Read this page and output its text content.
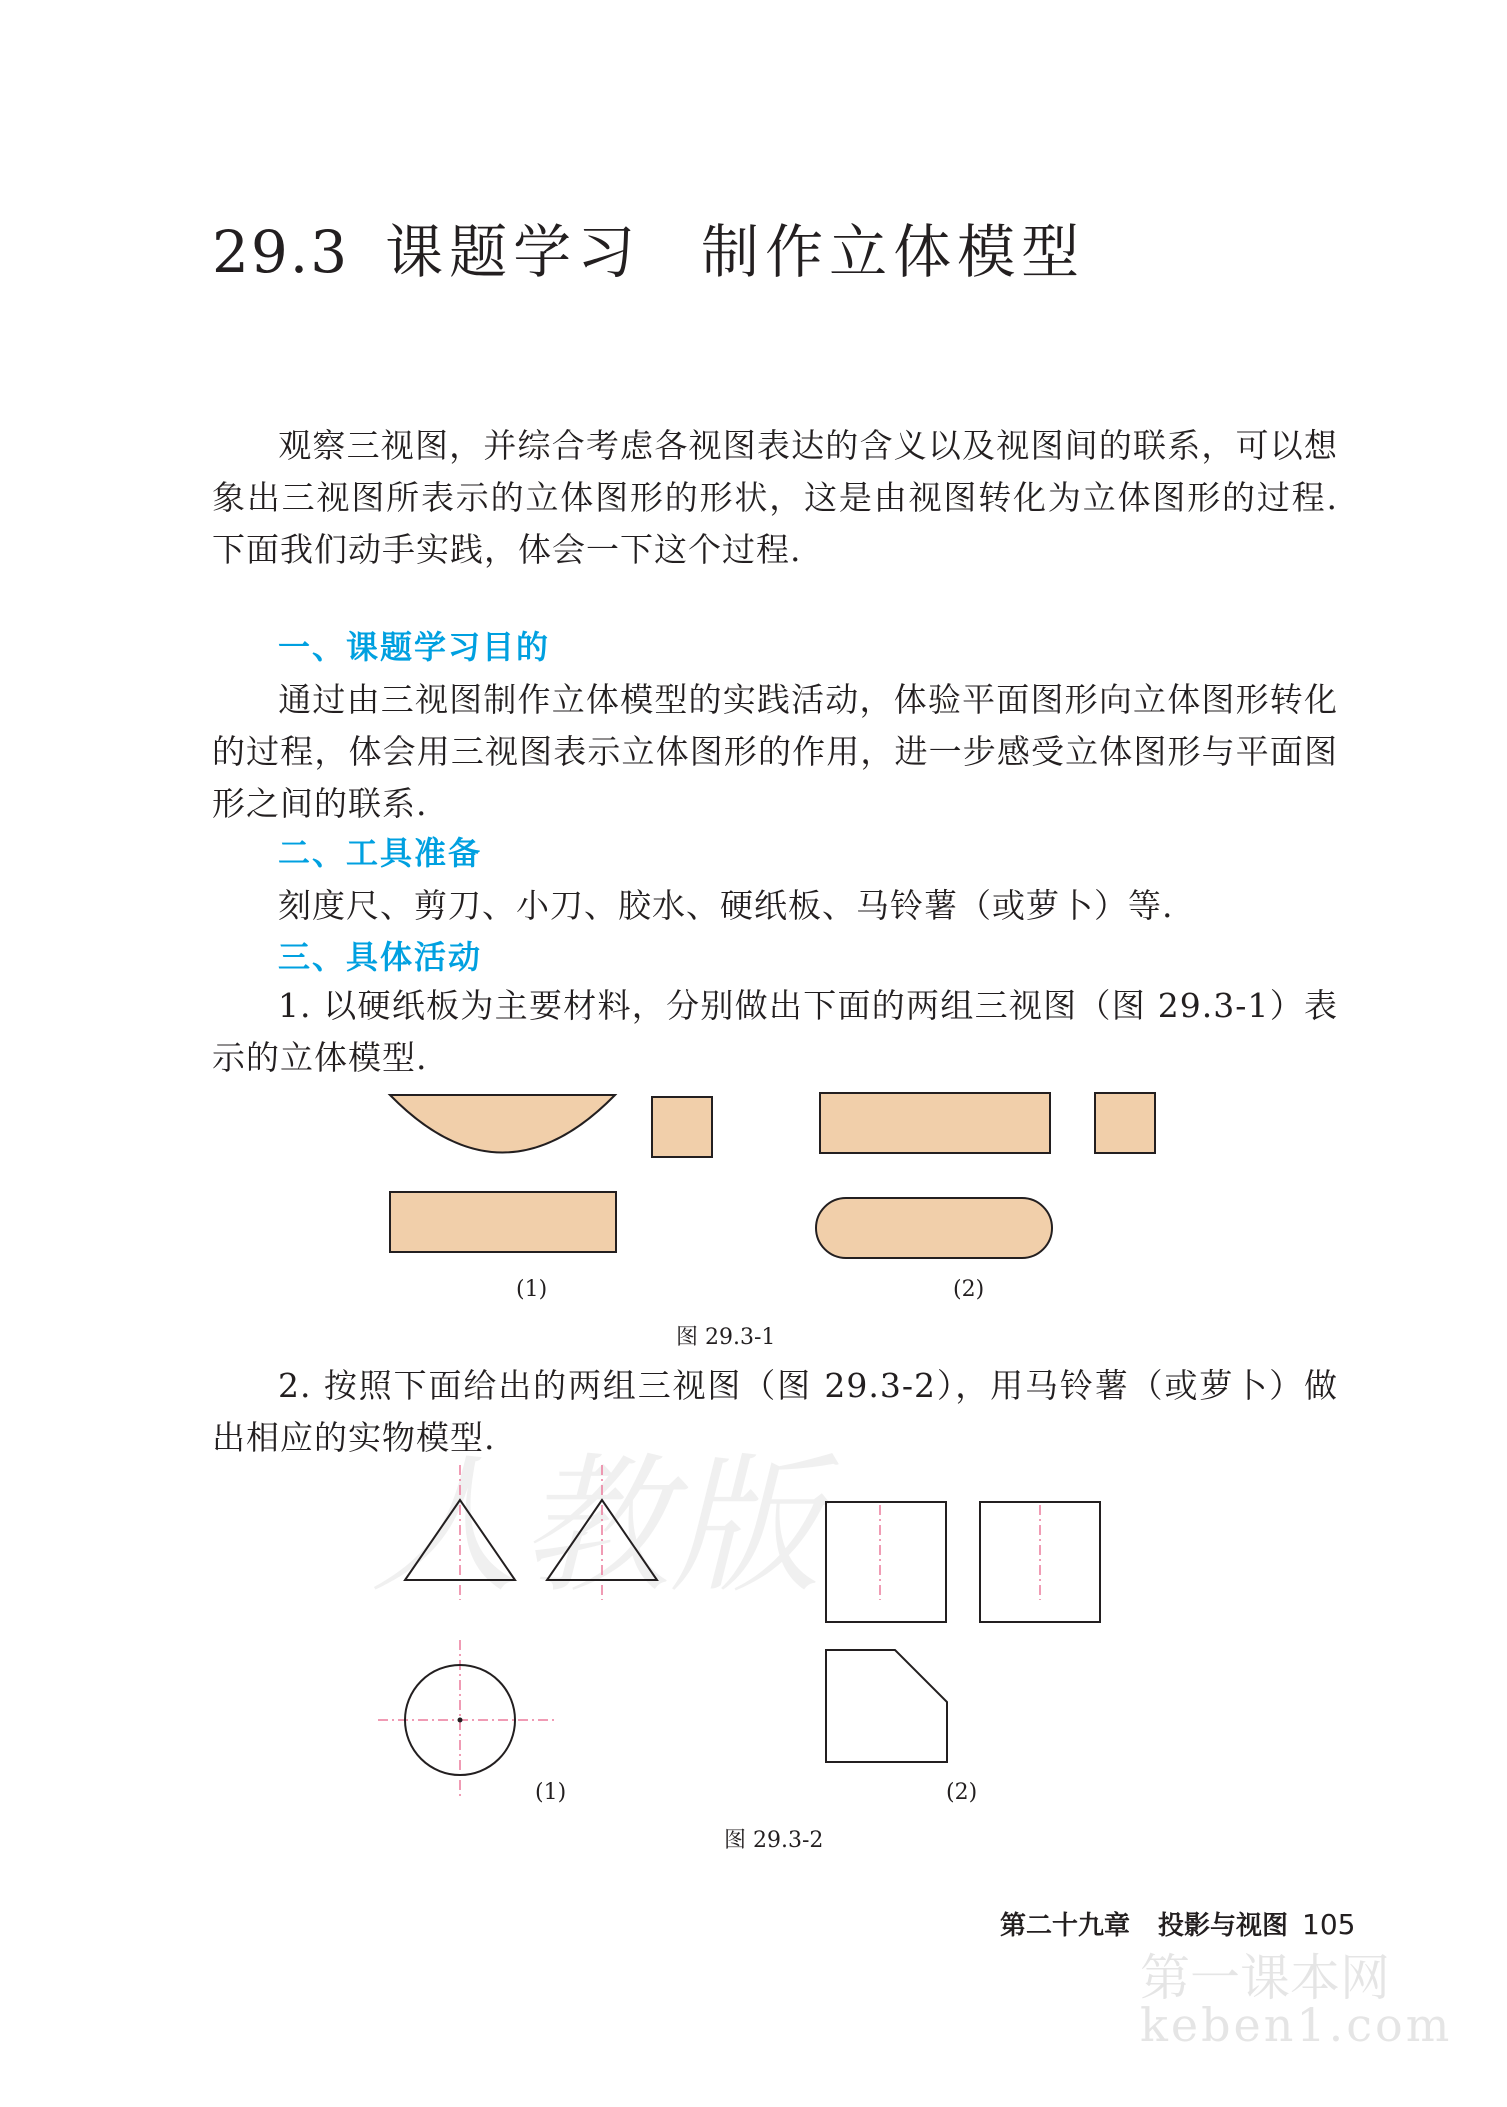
29.3 课题学习 制作立体模型

观察三视图，并综合考虑各视图表达的含义以及视图间的联系，可以想象出三视图所表示的立体图形的形状，这是由视图转化为立体图形的过程. 下面我们动手实践，体会一下这个过程.

一、课题学习目的

通过由三视图制作立体模型的实践活动，体验平面图形向立体图形转化的过程，体会用三视图表示立体图形的作用，进一步感受立体图形与平面图形之间的联系.

二、工具准备
刻度尺、剪刀、小刀、胶水、硬纸板、马铃薯（或萝卜）等.
三、具体活动

1. 以硬纸板为主要材料，分别做出下面的两组三视图（图 29.3-1）表示的立体模型.

(1)	(2)
图 29.3-1

2. 按照下面给出的两组三视图（图 29.3-2），用马铃薯（或萝卜）做出相应的实物模型.

人教版
(1)	(2)
图 29.3-2
第二十九章 投影与视图 105
第一课本网
keben1.com
